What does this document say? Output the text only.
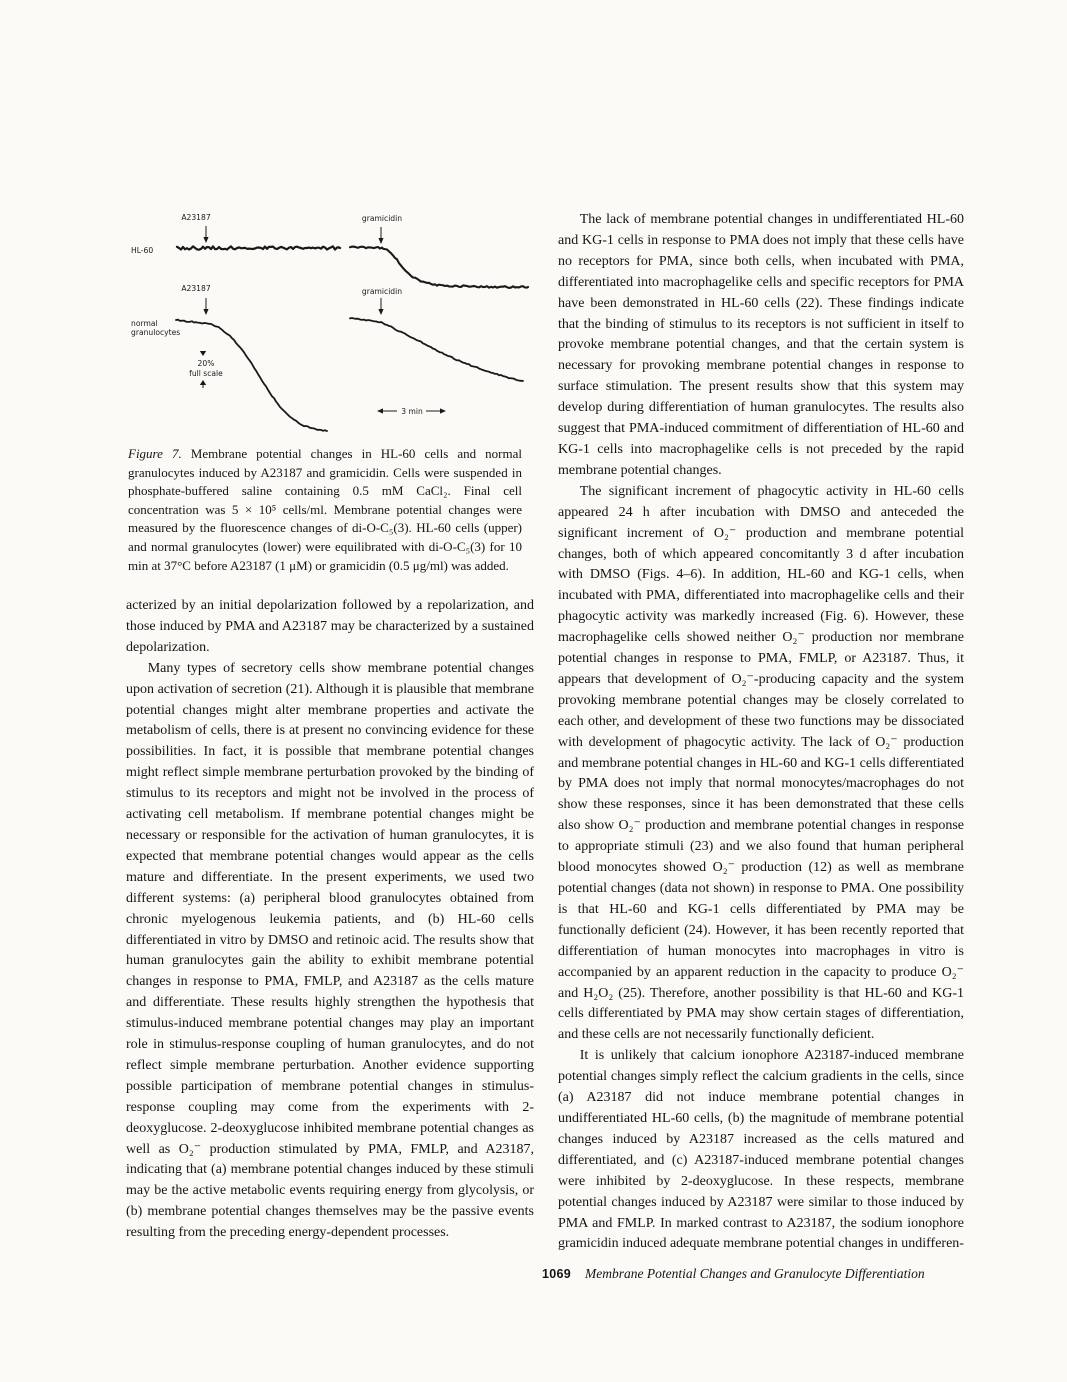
A23187	gramicidin
A23187	gramicidin
HL-60
normal
granulocytes
20%
full scale
3 min
Figure 7. Membrane potential changes in HL-60 cells and normal granulocytes induced by A23187 and gramicidin. Cells were suspended in phosphate-buffered saline containing 0.5 mM CaCl₂. Final cell concentration was 5 × 10⁵ cells/ml. Membrane potential changes were measured by the fluorescence changes of di-O-C₅(3). HL-60 cells (upper) and normal granulocytes (lower) were equilibrated with di-O-C₅(3) for 10 min at 37°C before A23187 (1 μM) or gramicidin (0.5 μg/ml) was added.

acterized by an initial depolarization followed by a repolarization, and those induced by PMA and A23187 may be characterized by a sustained depolarization.

Many types of secretory cells show membrane potential changes upon activation of secretion (21). Although it is plausible that membrane potential changes might alter membrane properties and activate the metabolism of cells, there is at present no convincing evidence for these possibilities. In fact, it is possible that membrane potential changes might reflect simple membrane perturbation provoked by the binding of stimulus to its receptors and might not be involved in the process of activating cell metabolism. If membrane potential changes might be necessary or responsible for the activation of human granulocytes, it is expected that membrane potential changes would appear as the cells mature and differentiate. In the present experiments, we used two different systems: (a) peripheral blood granulocytes obtained from chronic myelogenous leukemia patients, and (b) HL-60 cells differentiated in vitro by DMSO and retinoic acid. The results show that human granulocytes gain the ability to exhibit membrane potential changes in response to PMA, FMLP, and A23187 as the cells mature and differentiate. These results highly strengthen the hypothesis that stimulus-induced membrane potential changes may play an important role in stimulus-response coupling of human granulocytes, and do not reflect simple membrane perturbation. Another evidence supporting possible participation of membrane potential changes in stimulus-response coupling may come from the experiments with 2-deoxyglucose. 2-deoxyglucose inhibited membrane potential changes as well as O₂⁻ production stimulated by PMA, FMLP, and A23187, indicating that (a) membrane potential changes induced by these stimuli may be the active metabolic events requiring energy from glycolysis, or (b) membrane potential changes themselves may be the passive events resulting from the preceding energy-dependent processes.

The lack of membrane potential changes in undifferentiated HL-60 and KG-1 cells in response to PMA does not imply that these cells have no receptors for PMA, since both cells, when incubated with PMA, differentiated into macrophagelike cells and specific receptors for PMA have been demonstrated in HL-60 cells (22). These findings indicate that the binding of stimulus to its receptors is not sufficient in itself to provoke membrane potential changes, and that the certain system is necessary for provoking membrane potential changes in response to surface stimulation. The present results show that this system may develop during differentiation of human granulocytes. The results also suggest that PMA-induced commitment of differentiation of HL-60 and KG-1 cells into macrophagelike cells is not preceded by the rapid membrane potential changes.

The significant increment of phagocytic activity in HL-60 cells appeared 24 h after incubation with DMSO and anteceded the significant increment of O₂⁻ production and membrane potential changes, both of which appeared concomitantly 3 d after incubation with DMSO (Figs. 4–6). In addition, HL-60 and KG-1 cells, when incubated with PMA, differentiated into macrophagelike cells and their phagocytic activity was markedly increased (Fig. 6). However, these macrophagelike cells showed neither O₂⁻ production nor membrane potential changes in response to PMA, FMLP, or A23187. Thus, it appears that development of O₂⁻-producing capacity and the system provoking membrane potential changes may be closely correlated to each other, and development of these two functions may be dissociated with development of phagocytic activity. The lack of O₂⁻ production and membrane potential changes in HL-60 and KG-1 cells differentiated by PMA does not imply that normal monocytes/macrophages do not show these responses, since it has been demonstrated that these cells also show O₂⁻ production and membrane potential changes in response to appropriate stimuli (23) and we also found that human peripheral blood monocytes showed O₂⁻ production (12) as well as membrane potential changes (data not shown) in response to PMA. One possibility is that HL-60 and KG-1 cells differentiated by PMA may be functionally deficient (24). However, it has been recently reported that differentiation of human monocytes into macrophages in vitro is accompanied by an apparent reduction in the capacity to produce O₂⁻ and H₂O₂ (25). Therefore, another possibility is that HL-60 and KG-1 cells differentiated by PMA may show certain stages of differentiation, and these cells are not necessarily functionally deficient.

It is unlikely that calcium ionophore A23187-induced membrane potential changes simply reflect the calcium gradients in the cells, since (a) A23187 did not induce membrane potential changes in undifferentiated HL-60 cells, (b) the magnitude of membrane potential changes induced by A23187 increased as the cells matured and differentiated, and (c) A23187-induced membrane potential changes were inhibited by 2-deoxyglucose. In these respects, membrane potential changes induced by A23187 were similar to those induced by PMA and FMLP. In marked contrast to A23187, the sodium ionophore gramicidin induced adequate membrane potential changes in undifferen-

1069 Membrane Potential Changes and Granulocyte Differentiation
